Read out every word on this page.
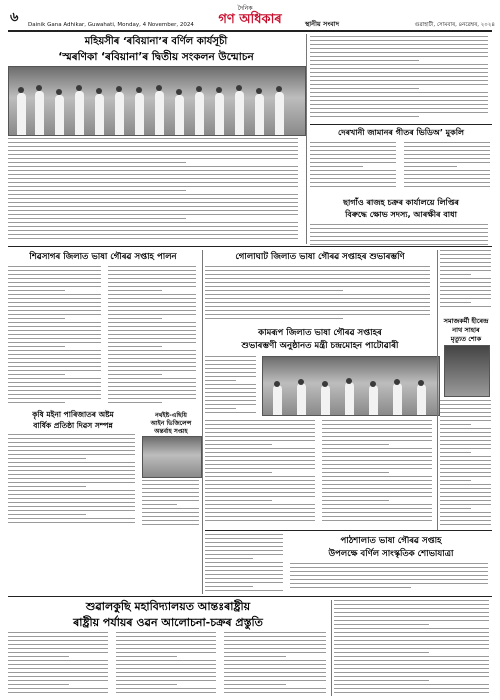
৬
দৈনিক
গণ অধিকাৰ
Dainik Gana Adhikar, Guwahati, Monday, 4 November, 2024	স্থানীয় সংবাদ	গুৱাহাটী, সোমবাৰ, ৪নৱেম্বৰ, ২০২৪
মহিয়সীৰ ‘ৰবিয়ানা’ৰ বৰ্ণিল কাৰ্যসূচী
‘স্মৰণিকা ‘ৰবিয়ানা’ৰ দ্বিতীয় সংকলন উন্মোচন
দেৰখানী জামানৰ গীতৰ ভিডিঅ’ মুকলি
ছাগাঁও ৰাজহ চক্ৰৰ কাৰ্যালয়ে লিপ্তিৰ
বিৰুদ্ধে ক্ষোভ সদস্য, আৰক্ষীৰ বাধা
শিৱসাগৰ জিলাত ভাষা গৌৰৱ সপ্তাহ পালন	গোলাঘাট জিলাত ভাষা গৌৰৱ সপ্তাহৰ শুভাৰম্ভণি
সমাজকৰ্মী হীৰেন্দ্ৰ
নাথ সাহাৰ
মৃত্যুত শোক
কামৰূপ জিলাত ভাষা গৌৰৱ সপ্তাহৰ
শুভাৰম্ভণী অনুষ্ঠানত মন্ত্ৰী চন্দ্ৰমোহন পাটোৱাৰী
কৃষি মইনা পাৰিজাতৰ অষ্টম
বাৰ্ষিক প্ৰতিষ্ঠা দিৱস সম্পন্ন
নৰ্থইষ্ট-এছিয়ি
আইন ভিজিলেন্স
অন্তৰ্বাহ সপ্তাহ
পাঠশালাত ভাষা গৌৰৱ সপ্তাহ
উপলক্ষে বৰ্ণিল সাংস্কৃতিক শোভাযাত্ৰা
শুৱালকুছি মহাবিদ্যালয়ত আন্তঃৰাষ্ট্ৰীয়
ৰাষ্ট্ৰীয় পৰ্যায়ৰ ওৱন আলোচনা-চক্ৰৰ প্ৰস্তুতি
